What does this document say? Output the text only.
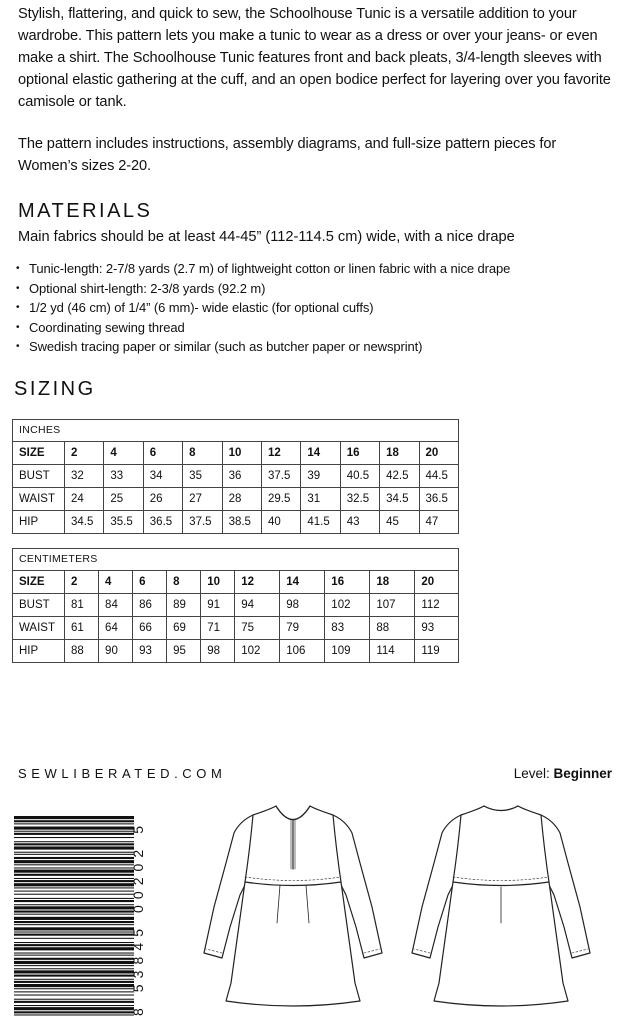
Stylish, flattering, and quick to sew, the Schoolhouse Tunic is a versatile addition to your wardrobe. This pattern lets you make a tunic to wear as a dress or over your jeans- or even make a shirt. The Schoolhouse Tunic features front and back pleats, 3/4-length sleeves with optional elastic gathering at the cuff, and an open bodice perfect for layering over you favorite camisole or tank.

The pattern includes instructions, assembly diagrams, and full-size pattern pieces for Women’s sizes 2-20.

MATERIALS

Main fabrics should be at least 44-45” (112-114.5 cm) wide, with a nice drape

• Tunic-length: 2-7/8 yards (2.7 m) of lightweight cotton or linen fabric with a nice drape
• Optional shirt-length: 2-3/8 yards (92.2 m)
• 1/2 yd (46 cm) of 1/4” (6 mm)- wide elastic (for optional cuffs)
• Coordinating sewing thread
• Swedish tracing paper or similar (such as butcher paper or newsprint)
SIZING
INCHES										
SIZE	2	4	6	8	10	12	14	16	18	20
BUST	32	33	34	35	36	37.5	39	40.5	42.5	44.5
WAIST	24	25	26	27	28	29.5	31	32.5	34.5	36.5
HIP	34.5	35.5	36.5	37.5	38.5	40	41.5	43	45	47
CENTIMETERS										
SIZE	2	4	6	8	10	12	14	16	18	20
BUST	81	84	86	89	91	94	98	102	107	112
WAIST	61	64	66	69	71	75	79	83	88	93
HIP	88	90	93	95	98	102	106	109	114	119
SEWLIBERATED.COM	Level: Beginner
8 53845 00202 5
